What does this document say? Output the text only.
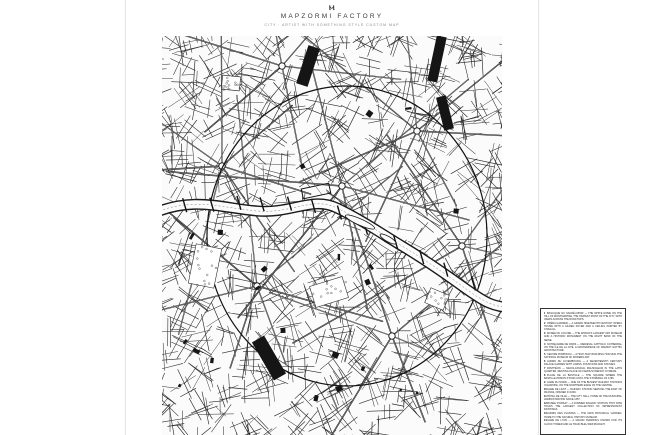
Ⲙ
MAPZORMI FACTORY
CITY · ARTIST WITH SOMETHING STYLE CUSTOM MAP
1 BASILIQUE DU SACRÉ-CŒUR — THE WHITE DOME ON THE HILL OF MONTMARTRE, THE HIGHEST POINT OF THE CITY, WITH VIEWS ACROSS THE ROOFTOPS.
2 OPÉRA GARNIER — A GRAND NINETEENTH CENTURY OPERA HOUSE WITH A GILDED FOYER AND A CEILING PAINTED BY CHAGALL.
3 MUSÉE DU LOUVRE — THE WORLD'S LARGEST ART MUSEUM AND A HISTORIC MONUMENT ON THE RIGHT BANK OF THE SEINE.
4 NOTRE-DAME DE PARIS — MEDIEVAL CATHOLIC CATHEDRAL ON THE ÎLE DE LA CITÉ, A MASTERPIECE OF FRENCH GOTHIC ARCHITECTURE.
5 CENTRE POMPIDOU — A HIGH-TECH BUILDING HOUSING THE NATIONAL MUSEUM OF MODERN ART.
6 JARDIN DU LUXEMBOURG — A SEVENTEENTH CENTURY PALACE GARDEN WITH LAWNS, FOUNTAINS AND STATUES.
7 PANTHÉON — NEOCLASSICAL MAUSOLEUM IN THE LATIN QUARTER, RESTING PLACE OF FAMOUS FRENCH CITIZENS.
8 PLACE DE LA BASTILLE — THE SQUARE WHERE THE BASTILLE PRISON STOOD UNTIL THE STORMING OF 1789.
9 GARE DU NORD — ONE OF THE BUSIEST RAILWAY STATIONS IN EUROPE, ON THE NORTHERN EDGE OF THE CENTRE.
10GARE DE L'EST — RAILWAY STATION SERVING THE EAST OF FRANCE, OPENED IN 1849.
11HÔTEL DE VILLE — THE CITY HALL, HOME OF THE MUNICIPAL ADMINISTRATION SINCE 1357.
12MUSÉE D'ORSAY — A FORMER RAILWAY STATION THAT NOW HOLDS THE LARGEST COLLECTION OF IMPRESSIONIST PAINTINGS.
13JARDIN DES PLANTES — THE MAIN BOTANICAL GARDEN, HOME TO THE NATURAL HISTORY MUSEUM.
14GARE DE LYON — A GRAND TERMINUS KNOWN FOR ITS CLOCK TOWER AND LE TRAIN BLEU RESTAURANT.
